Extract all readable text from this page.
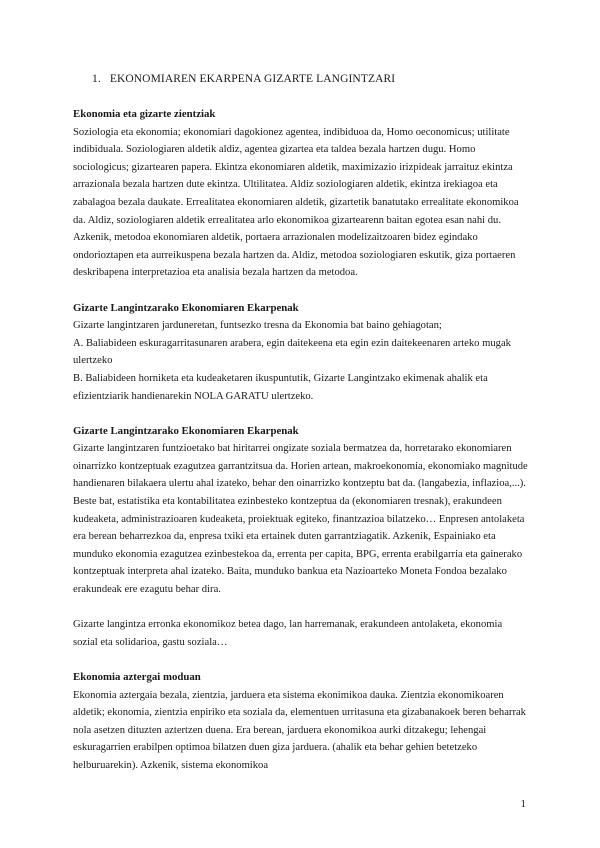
1. EKONOMIAREN EKARPENA GIZARTE LANGINTZARI
Ekonomia eta gizarte zientziak

Soziologia eta ekonomia; ekonomiari dagokionez agentea, indibiduoa da, Homo oeconomicus; utilitate indibiduala. Soziologiaren aldetik aldiz, agentea gizartea eta taldea bezala hartzen dugu. Homo sociologicus; gizartearen papera. Ekintza ekonomiaren aldetik, maximizazio irizpideak jarraituz ekintza arrazionala bezala hartzen dute ekintza. Ultilitatea. Aldiz soziologiaren aldetik, ekintza irekiagoa eta zabalagoa bezala daukate. Errealitatea ekonomiaren aldetik, gizartetik banatutako errealitate ekonomikoa da. Aldiz, soziologiaren aldetik errealitatea arlo ekonomikoa gizartearenn baitan egotea esan nahi du. Azkenik, metodoa ekonomiaren aldetik, portaera arrazionalen modelizaitzoaren bidez egindako ondorioztapen eta aurreikuspena bezala hartzen da. Aldiz, metodoa soziologiaren eskutik, giza portaeren deskribapena interpretazioa eta analisia bezala hartzen da metodoa.

Gizarte Langintzarako Ekonomiaren Ekarpenak

Gizarte langintzaren jarduneretan, funtsezko tresna da Ekonomia bat baino gehiagotan;

A. Baliabideen eskuragarritasunaren arabera, egin daitekeena eta egin ezin daitekeenaren arteko mugak ulertzeko

B. Baliabideen horniketa eta kudeaketaren ikuspuntutik, Gizarte Langintzako ekimenak ahalik eta efizientziarik handienarekin NOLA GARATU ulertzeko.

Gizarte Langintzarako Ekonomiaren Ekarpenak

Gizarte langintzaren funtzioetako bat hiritarrei ongizate soziala bermatzea da, horretarako ekonomiaren oinarrizko kontzeptuak ezagutzea garrantzitsua da. Horien artean, makroekonomia, ekonomiako magnitude handienaren bilakaera ulertu ahal izateko, behar den oinarrizko kontzeptu bat da. (langabezia, inflazioa,...). Beste bat, estatistika eta kontabilitatea ezinbesteko kontzeptua da (ekonomiaren tresnak), erakundeen kudeaketa, administrazioaren kudeaketa, proiektuak egiteko, finantzazioa bilatzeko… Enpresen antolaketa era berean beharrezkoa da, enpresa txiki eta ertainek duten garrantziagatik. Azkenik, Espainiako eta munduko ekonomia ezagutzea ezinbestekoa da, errenta per capita, BPG, errenta erabilgarria eta gainerako kontzeptuak interpreta ahal izateko. Baita, munduko bankua eta Nazioarteko Moneta Fondoa bezalako erakundeak ere ezagutu behar dira.

Gizarte langintza erronka ekonomikoz betea dago, lan harremanak, erakundeen antolaketa, ekonomia sozial eta solidarioa, gastu soziala…

Ekonomia aztergai moduan

Ekonomia aztergaia bezala, zientzia, jarduera eta sistema ekonimikoa dauka. Zientzia ekonomikoaren aldetik; ekonomia, zientzia enpiriko eta soziala da, elementuen urritasuna eta gizabanakoek beren beharrak nola asetzen dituzten aztertzen duena. Era berean, jarduera ekonomikoa aurki ditzakegu; lehengai eskuragarrien erabilpen optimoa bilatzen duen giza jarduera. (ahalik eta behar gehien betetzeko helburuarekin). Azkenik, sistema ekonomikoa

1
